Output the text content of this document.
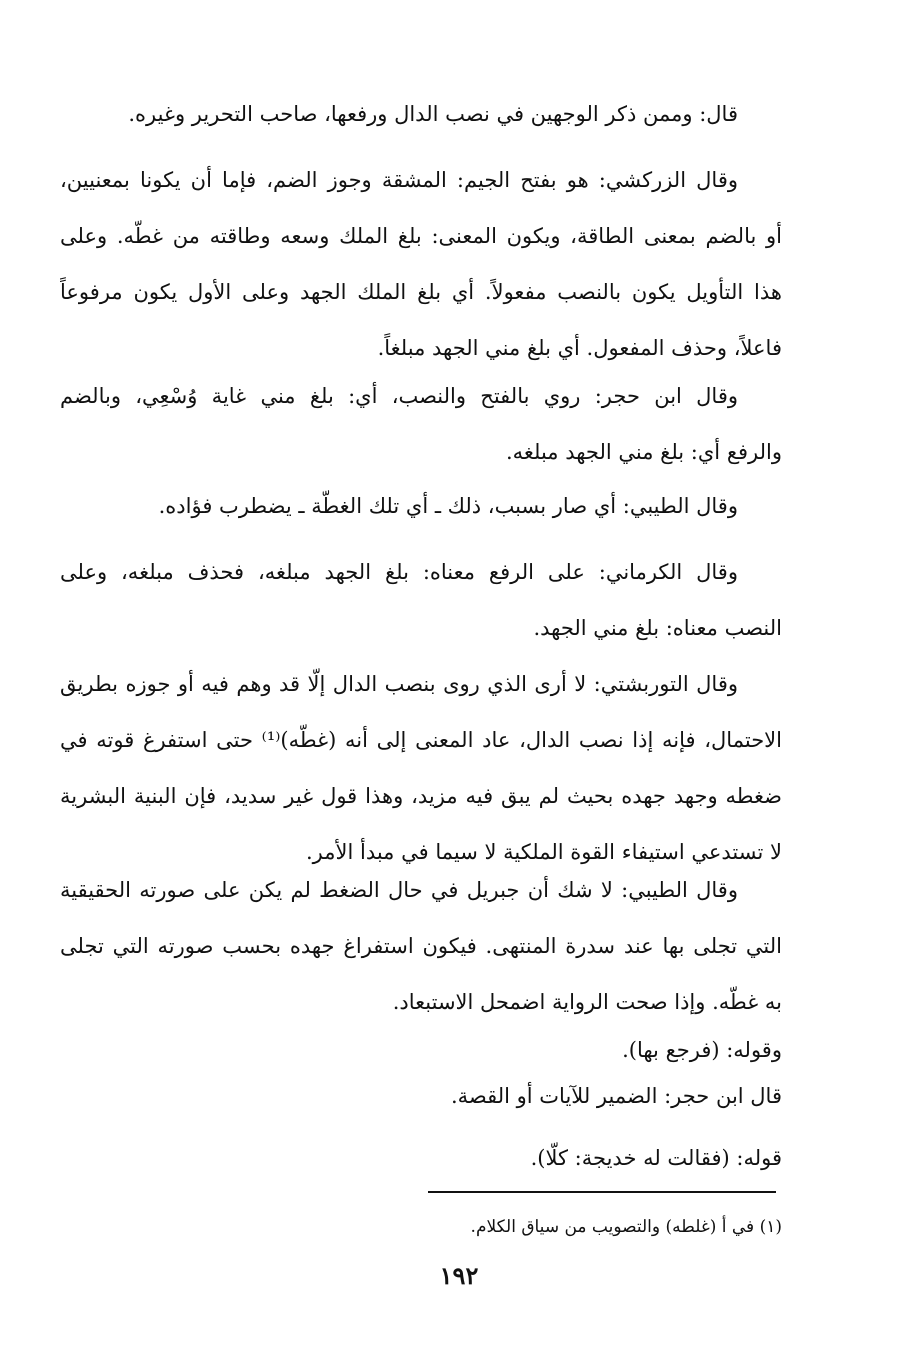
قال: وممن ذكر الوجهين في نصب الدال ورفعها، صاحب التحرير وغيره.
وقال الزركشي: هو بفتح الجيم: المشقة وجوز الضم، فإما أن يكونا بمعنيين،
أو بالضم بمعنى الطاقة، ويكون المعنى: بلغ الملك وسعه وطاقته من غطّه. وعلى
هذا التأويل يكون بالنصب مفعولاً. أي بلغ الملك الجهد وعلى الأول يكون مرفوعاً
فاعلاً، وحذف المفعول. أي بلغ مني الجهد مبلغاً.
وقال ابن حجر: روي بالفتح والنصب، أي: بلغ مني غاية وُسْعِي، وبالضم
والرفع أي: بلغ مني الجهد مبلغه.
وقال الطيبي: أي صار بسبب، ذلك ـ أي تلك الغطّة ـ يضطرب فؤاده.
وقال الكرماني: على الرفع معناه: بلغ الجهد مبلغه، فحذف مبلغه، وعلى
النصب معناه: بلغ مني الجهد.
وقال التوربشتي: لا أرى الذي روى بنصب الدال إلّا قد وهم فيه أو جوزه بطريق
الاحتمال، فإنه إذا نصب الدال، عاد المعنى إلى أنه (غطّه)⁽¹⁾ حتى استفرغ قوته في
ضغطه وجهد جهده بحيث لم يبق فيه مزيد، وهذا قول غير سديد، فإن البنية البشرية
لا تستدعي استيفاء القوة الملكية لا سيما في مبدأ الأمر.
وقال الطيبي: لا شك أن جبريل في حال الضغط لم يكن على صورته الحقيقية
التي تجلى بها عند سدرة المنتهى. فيكون استفراغ جهده بحسب صورته التي تجلى
به غطّه. وإذا صحت الرواية اضمحل الاستبعاد.
وقوله: (فرجع بها).
قال ابن حجر: الضمير للآيات أو القصة.
قوله: (فقالت له خديجة: كلّا).
(١) في أ (غلطه) والتصويب من سياق الكلام.
١٩٢
